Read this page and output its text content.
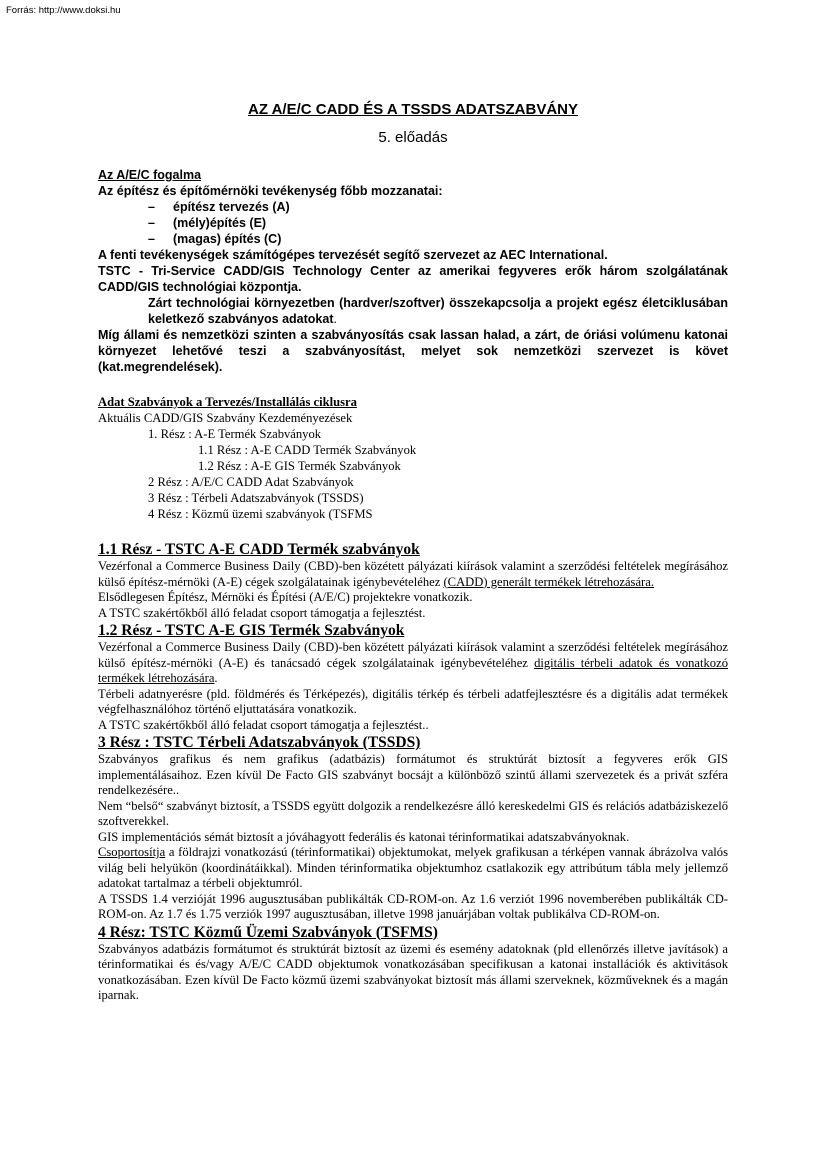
Forrás: http://www.doksi.hu
AZ A/E/C CADD ÉS A TSSDS ADATSZABVÁNY
5. előadás

Az A/E/C fogalma

Az építész és építőmérnöki tevékenység főbb mozzanatai:

–	építész tervezés (A)

–	(mély)építés (E)

–	(magas) építés (C)

A fenti tevékenységek számítógépes tervezését segítő szervezet az AEC International.

TSTC - Tri-Service CADD/GIS Technology Center az amerikai fegyveres erők három szolgálatának CADD/GIS technológiai központja.

Zárt technológiai környezetben (hardver/szoftver) összekapcsolja a projekt egész életciklusában keletkező szabványos adatokat.

Míg állami és nemzetközi szinten a szabványosítás csak lassan halad, a zárt, de óriási volúmenu katonai környezet lehetővé teszi a szabványosítást, melyet sok nemzetközi szervezet is követ (kat.megrendelések).

Adat Szabványok a Tervezés/Installálás ciklusra
Aktuális CADD/GIS Szabvány Kezdeményezések
1. Rész : A-E Termék Szabványok
1.1 Rész : A-E CADD Termék Szabványok
1.2 Rész : A-E GIS Termék Szabványok
2 Rész : A/E/C CADD Adat Szabványok
3 Rész : Térbeli Adatszabványok (TSSDS)
4 Rész : Közmű üzemi szabványok (TSFMS
1.1 Rész - TSTC A-E CADD Termék szabványok

Vezérfonal a Commerce Business Daily (CBD)-ben közétett pályázati kiírások valamint a szerződési feltételek megírásához külső építész-mérnöki (A-E) cégek szolgálatainak igénybevételéhez (CADD) generált termékek létrehozására.

Elsődlegesen Építész, Mérnöki és Építési (A/E/C) projektekre vonatkozik.

A TSTC szakértőkből álló feladat csoport támogatja a fejlesztést.

1.2 Rész - TSTC A-E GIS Termék Szabványok

Vezérfonal a Commerce Business Daily (CBD)-ben közétett pályázati kiírások valamint a szerződési feltételek megírásához külső építész-mérnöki (A-E) és tanácsadó cégek szolgálatainak igénybevételéhez digitális térbeli adatok és vonatkozó termékek létrehozására.

Térbeli adatnyerésre (pld. földmérés és Térképezés), digitális térkép és térbeli adatfejlesztésre és a digitális adat termékek végfelhasználóhoz történő eljuttatására vonatkozik.

A TSTC szakértőkből álló feladat csoport támogatja a fejlesztést..

3 Rész : TSTC Térbeli Adatszabványok (TSSDS)

Szabványos grafikus és nem grafikus (adatbázis) formátumot és struktúrát biztosít a fegyveres erők GIS implementálásaihoz. Ezen kívül De Facto GIS szabványt bocsájt a különböző szintű állami szervezetek és a privát szféra rendelkezésére..

Nem “belső“ szabványt biztosít, a TSSDS együtt dolgozik a rendelkezésre álló kereskedelmi GIS és relációs adatbáziskezelő szoftverekkel.

GIS implementációs sémát biztosít a jóváhagyott federális és katonai térinformatikai adatszabványoknak.

Csoportosítja a földrajzi vonatkozású (térinformatikai) objektumokat, melyek grafikusan a térképen vannak ábrázolva valós világ beli helyükön (koordinátáikkal). Minden térinformatika objektumhoz csatlakozik egy attribútum tábla mely jellemző adatokat tartalmaz a térbeli objektumról.

A TSSDS 1.4 verzióját 1996 augusztusában publikálták CD-ROM-on. Az 1.6 verziót 1996 novemberében publikálták CD-ROM-on. Az 1.7 és 1.75 verziók 1997 augusztusában, illetve 1998 januárjában voltak publikálva CD-ROM-on.

4 Rész: TSTC Közmű Üzemi Szabványok (TSFMS)

Szabványos adatbázis formátumot és struktúrát biztosít az üzemi és esemény adatoknak (pld ellenőrzés illetve javítások) a térinformatikai és és/vagy A/E/C CADD objektumok vonatkozásában specifikusan a katonai installációk és aktivitások vonatkozásában. Ezen kívül De Facto közmű üzemi szabványokat biztosít más állami szerveknek, közműveknek és a magán iparnak.
